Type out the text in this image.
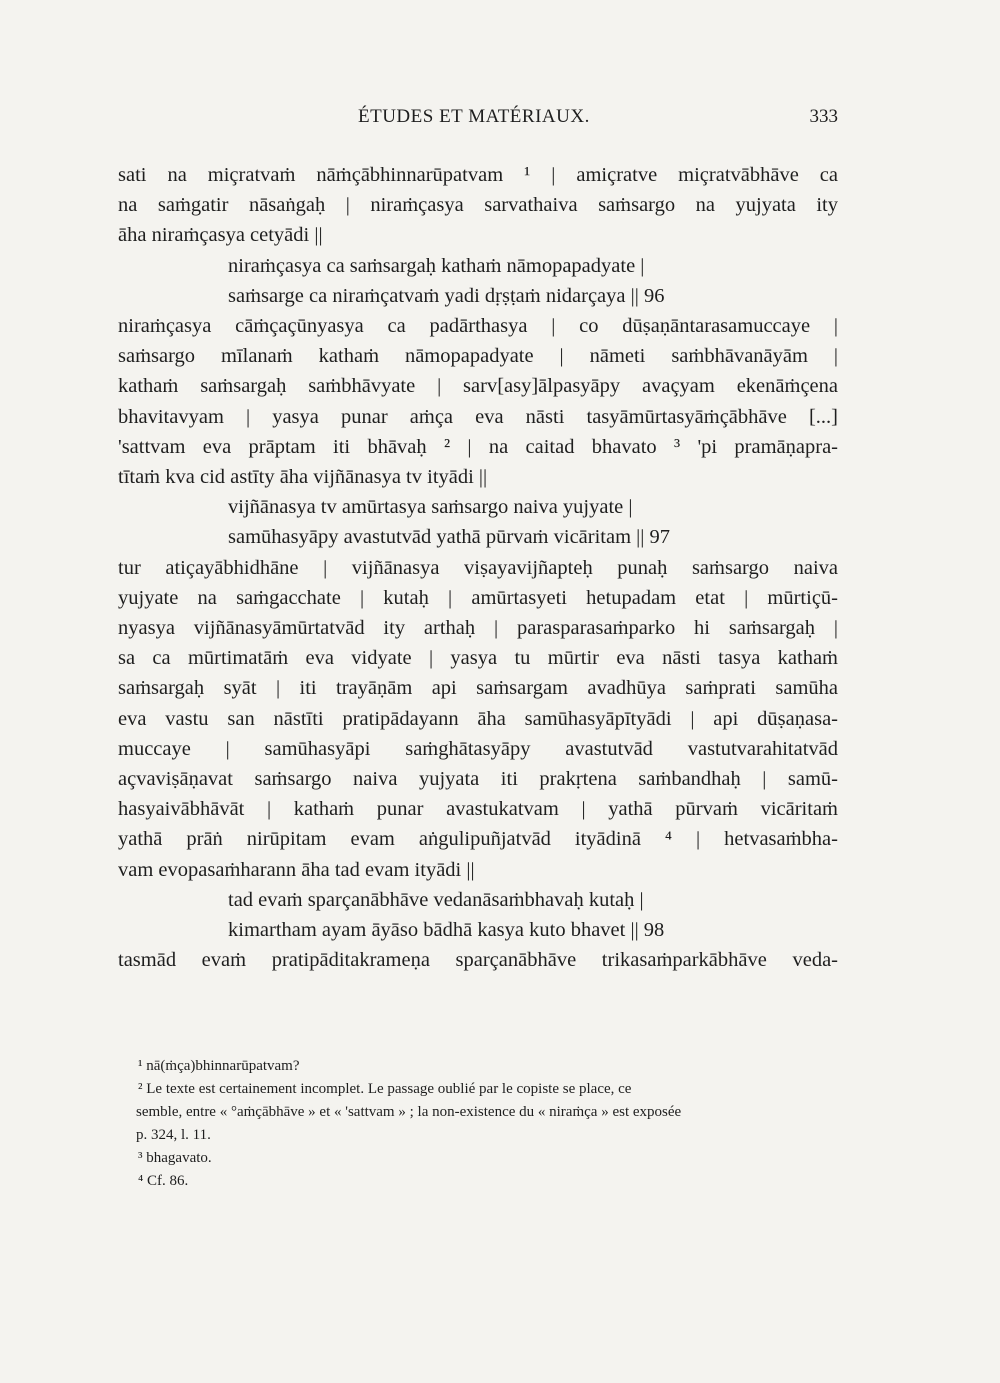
ÉTUDES ET MATÉRIAUX.	333
sati na miçratvaṁ nāṁçābhinnarūpatvam ¹ | amiçratve miçratvābhāve ca
na saṁgatir nāsaṅgaḥ | niraṁçasya sarvathaiva saṁsargo na yujyata ity
āha niraṁçasya cetyādi ||
niraṁçasya ca saṁsargaḥ kathaṁ nāmopapadyate |
saṁsarge ca niraṁçatvaṁ yadi dṛṣṭaṁ nidarçaya || 96
niraṁçasya cāṁçaçūnyasya ca padārthasya | co dūṣaṇāntarasamuccaye |
saṁsargo mīlanaṁ kathaṁ nāmopapadyate | nāmeti saṁbhāvanāyām |
kathaṁ saṁsargaḥ saṁbhāvyate | sarv[asy]ālpasyāpy avaçyam ekenāṁçena
bhavitavyam | yasya punar aṁça eva nāsti tasyāmūrtasyāṁçābhāve [...]
'sattvam eva prāptam iti bhāvaḥ ² | na caitad bhavato ³ 'pi pramāṇapra-
tītaṁ kva cid astīty āha vijñānasya tv ityādi ||
vijñānasya tv amūrtasya saṁsargo naiva yujyate |
samūhasyāpy avastutvād yathā pūrvaṁ vicāritam || 97
tur atiçayābhidhāne | vijñānasya viṣayavijñapteḥ punaḥ saṁsargo naiva
yujyate na saṁgacchate | kutaḥ | amūrtasyeti hetupadam etat | mūrtiçū-
nyasya vijñānasyāmūrtatvād ity arthaḥ | parasparasaṁparko hi saṁsargaḥ |
sa ca mūrtimatāṁ eva vidyate | yasya tu mūrtir eva nāsti tasya kathaṁ
saṁsargaḥ syāt | iti trayāṇām api saṁsargam avadhūya saṁprati samūha
eva vastu san nāstīti pratipādayann āha samūhasyāpītyādi | api dūṣaṇasa-
muccaye | samūhasyāpi saṁghātasyāpy avastutvād vastutvarahitatvād
açvaviṣāṇavat saṁsargo naiva yujyata iti prakṛtena saṁbandhaḥ | samū-
hasyaivābhāvāt | kathaṁ punar avastukatvam | yathā pūrvaṁ vicāritaṁ
yathā prāṅ nirūpitam evam aṅgulipuñjatvād ityādinā ⁴ | hetvasaṁbha-
vam evopasaṁharann āha tad evam ityādi ||
tad evaṁ sparçanābhāve vedanāsaṁbhavaḥ kutaḥ |
kimartham ayam āyāso bādhā kasya kuto bhavet || 98
tasmād evaṁ pratipāditakrameṇa sparçanābhāve trikasaṁparkābhāve veda-
¹ nā(ṁça)bhinnarūpatvam?
² Le texte est certainement incomplet. Le passage oublié par le copiste se place, ce
semble, entre « °aṁçābhāve » et « 'sattvam » ; la non-existence du « niraṁça » est exposée
p. 324, l. 11.
³ bhagavato.
⁴ Cf. 86.
